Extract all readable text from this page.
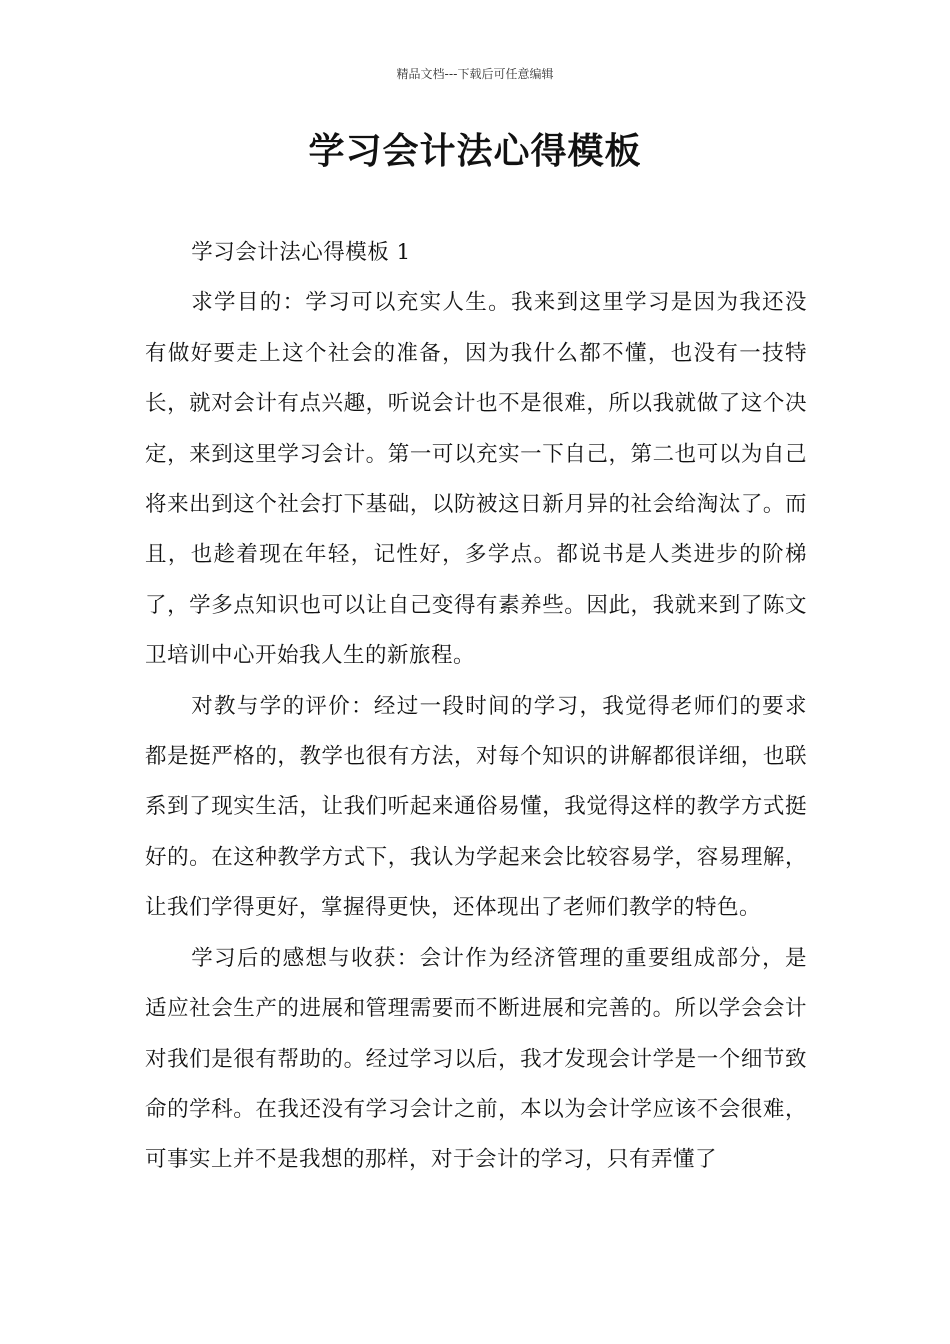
精品文档---下载后可任意编辑
学习会计法心得模板

学习会计法心得模板 1

求学目的：学习可以充实人生。我来到这里学习是因为我还没有做好要走上这个社会的准备，因为我什么都不懂，也没有一技特长，就对会计有点兴趣，听说会计也不是很难，所以我就做了这个决定，来到这里学习会计。第一可以充实一下自己，第二也可以为自己将来出到这个社会打下基础，以防被这日新月异的社会给淘汰了。而且，也趁着现在年轻，记性好，多学点。都说书是人类进步的阶梯了，学多点知识也可以让自己变得有素养些。因此，我就来到了陈文卫培训中心开始我人生的新旅程。

对教与学的评价：经过一段时间的学习，我觉得老师们的要求都是挺严格的，教学也很有方法，对每个知识的讲解都很详细，也联系到了现实生活，让我们听起来通俗易懂，我觉得这样的教学方式挺好的。在这种教学方式下，我认为学起来会比较容易学，容易理解，让我们学得更好，掌握得更快，还体现出了老师们教学的特色。

学习后的感想与收获：会计作为经济管理的重要组成部分，是适应社会生产的进展和管理需要而不断进展和完善的。所以学会会计对我们是很有帮助的。经过学习以后，我才发现会计学是一个细节致命的学科。在我还没有学习会计之前，本以为会计学应该不会很难，可事实上并不是我想的那样，对于会计的学习，只有弄懂了
